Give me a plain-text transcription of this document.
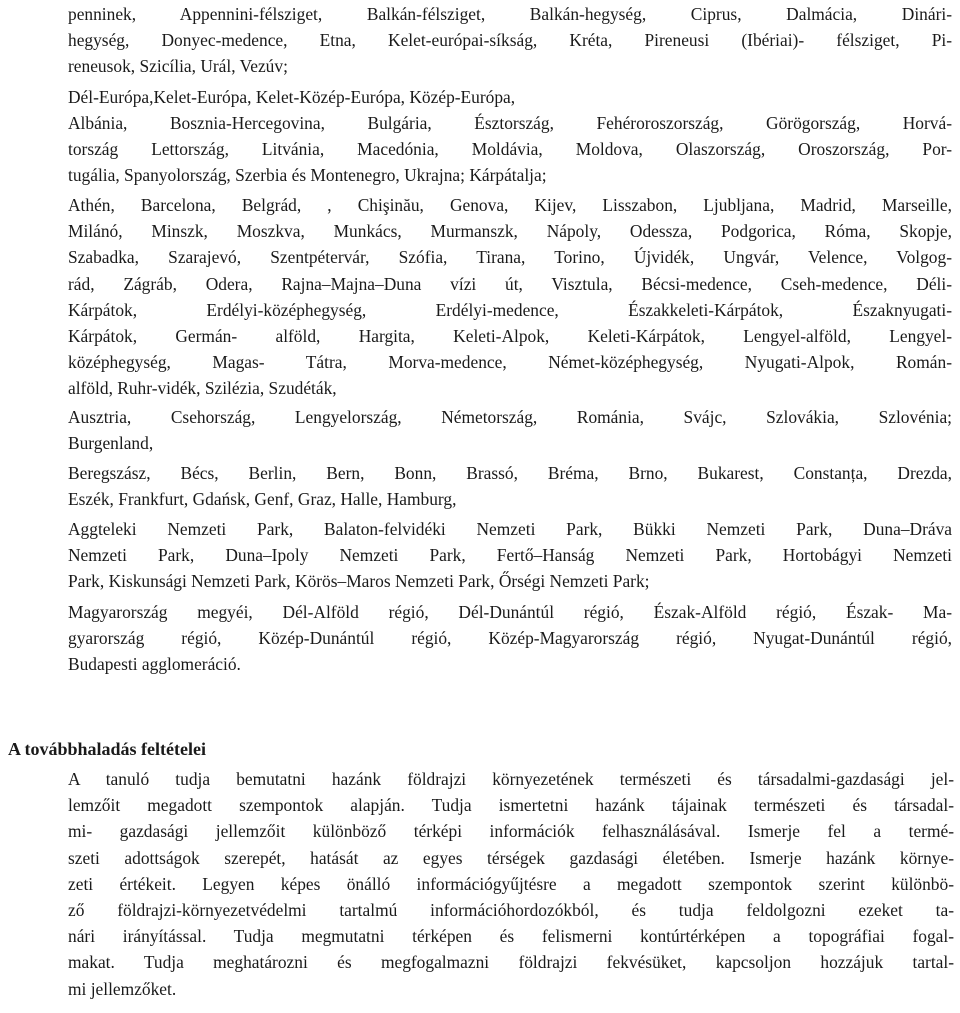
penninek, Appennini-félsziget, Balkán-félsziget, Balkán-hegység, Ciprus, Dalmácia, Dinári-
hegység, Donyec-medence, Etna, Kelet-európai-síkság, Kréta, Pireneusi (Ibériai)- félsziget, Pi-
reneusok, Szicília, Urál, Vezúv;
Dél-Európa,Kelet-Európa, Kelet-Közép-Európa, Közép-Európa,
Albánia, Bosznia-Hercegovina, Bulgária, Észtország, Fehéroroszország, Görögország, Horvá-
tország Lettország, Litvánia, Macedónia, Moldávia, Moldova, Olaszország, Oroszország, Por-
tugália, Spanyolország, Szerbia és Montenegro, Ukrajna; Kárpátalja;
Athén, Barcelona, Belgrád, , Chişinău, Genova, Kijev, Lisszabon, Ljubljana, Madrid, Marseille,
Milánó, Minszk, Moszkva, Munkács, Murmanszk, Nápoly, Odessza, Podgorica, Róma, Skopje,
Szabadka, Szarajevó, Szentpétervár, Szófia, Tirana, Torino, Újvidék, Ungvár, Velence, Volgog-
rád, Zágráb, Odera, Rajna–Majna–Duna vízi út, Visztula, Bécsi-medence, Cseh-medence, Déli-
Kárpátok, Erdélyi-középhegység, Erdélyi-medence, Északkeleti-Kárpátok, Északnyugati-
Kárpátok, Germán- alföld, Hargita, Keleti-Alpok, Keleti-Kárpátok, Lengyel-alföld, Lengyel-
középhegység, Magas- Tátra, Morva-medence, Német-középhegység, Nyugati-Alpok, Román-
alföld, Ruhr-vidék, Szilézia, Szudéták,
Ausztria, Csehország, Lengyelország, Németország, Románia, Svájc, Szlovákia, Szlovénia;
Burgenland,
Beregszász, Bécs, Berlin, Bern, Bonn, Brassó, Bréma, Brno, Bukarest, Constanța, Drezda,
Eszék, Frankfurt, Gdańsk, Genf, Graz, Halle, Hamburg,
Aggteleki Nemzeti Park, Balaton-felvidéki Nemzeti Park, Bükki Nemzeti Park, Duna–Dráva
Nemzeti Park, Duna–Ipoly Nemzeti Park, Fertő–Hanság Nemzeti Park, Hortobágyi Nemzeti
Park, Kiskunsági Nemzeti Park, Körös–Maros Nemzeti Park, Őrségi Nemzeti Park;
Magyarország megyéi, Dél-Alföld régió, Dél-Dunántúl régió, Észak-Alföld régió, Észak- Ma-
gyarország régió, Közép-Dunántúl régió, Közép-Magyarország régió, Nyugat-Dunántúl régió,
Budapesti agglomeráció.
A továbbhaladás feltételei
A tanuló tudja bemutatni hazánk földrajzi környezetének természeti és társadalmi-gazdasági jel-
lemzőit megadott szempontok alapján. Tudja ismertetni hazánk tájainak természeti és társadal-
mi- gazdasági jellemzőit különböző térképi információk felhasználásával. Ismerje fel a termé-
szeti adottságok szerepét, hatását az egyes térségek gazdasági életében. Ismerje hazánk környe-
zeti értékeit. Legyen képes önálló információgyűjtésre a megadott szempontok szerint különbö-
ző földrajzi-környezetvédelmi tartalmú információhordozókból, és tudja feldolgozni ezeket ta-
nári irányítással. Tudja megmutatni térképen és felismerni kontúrtérképen a topográfiai fogal-
makat. Tudja meghatározni és megfogalmazni földrajzi fekvésüket, kapcsoljon hozzájuk tartal-
mi jellemzőket.
